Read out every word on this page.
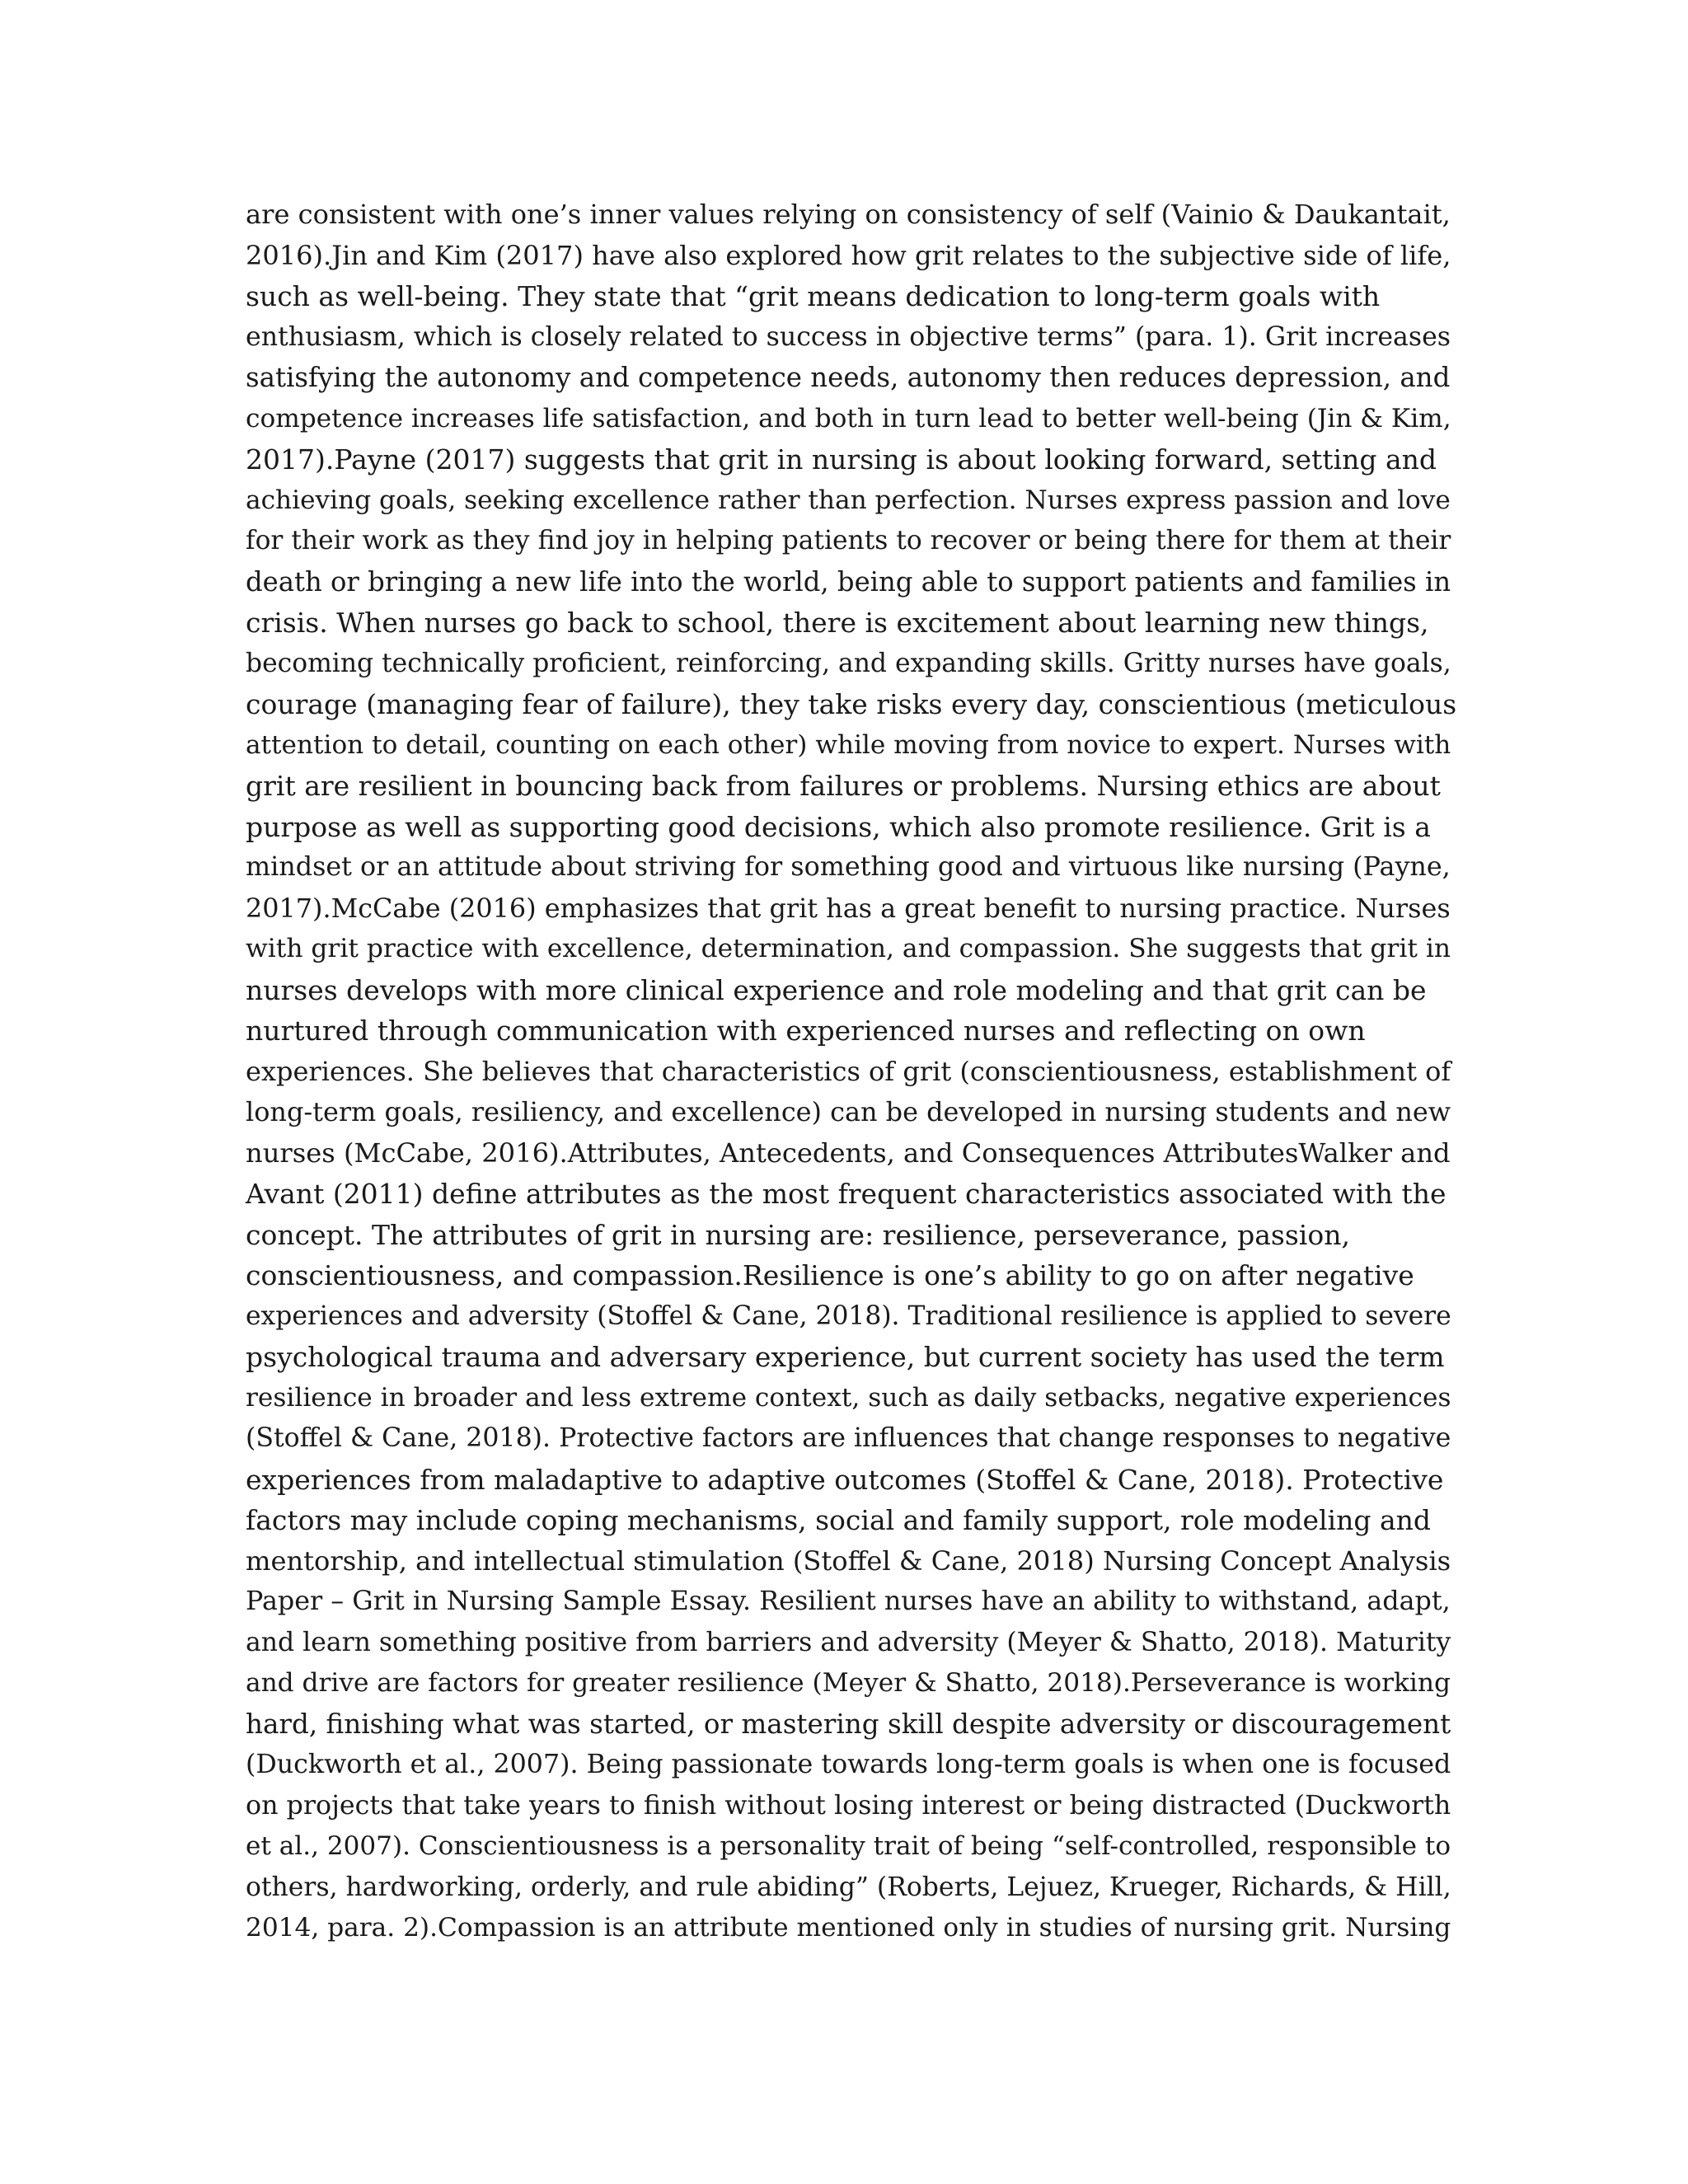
are consistent with one’s inner values relying on consistency of self (Vainio & Daukantait,
2016).Jin and Kim (2017) have also explored how grit relates to the subjective side of life,
such as well-being. They state that “grit means dedication to long-term goals with
enthusiasm, which is closely related to success in objective terms” (para. 1). Grit increases
satisfying the autonomy and competence needs, autonomy then reduces depression, and
competence increases life satisfaction, and both in turn lead to better well-being (Jin & Kim,
2017).Payne (2017) suggests that grit in nursing is about looking forward, setting and
achieving goals, seeking excellence rather than perfection. Nurses express passion and love
for their work as they find joy in helping patients to recover or being there for them at their
death or bringing a new life into the world, being able to support patients and families in
crisis. When nurses go back to school, there is excitement about learning new things,
becoming technically proficient, reinforcing, and expanding skills. Gritty nurses have goals,
courage (managing fear of failure), they take risks every day, conscientious (meticulous
attention to detail, counting on each other) while moving from novice to expert. Nurses with
grit are resilient in bouncing back from failures or problems. Nursing ethics are about
purpose as well as supporting good decisions, which also promote resilience. Grit is a
mindset or an attitude about striving for something good and virtuous like nursing (Payne,
2017).McCabe (2016) emphasizes that grit has a great benefit to nursing practice. Nurses
with grit practice with excellence, determination, and compassion. She suggests that grit in
nurses develops with more clinical experience and role modeling and that grit can be
nurtured through communication with experienced nurses and reflecting on own
experiences. She believes that characteristics of grit (conscientiousness, establishment of
long-term goals, resiliency, and excellence) can be developed in nursing students and new
nurses (McCabe, 2016).Attributes, Antecedents, and Consequences AttributesWalker and
Avant (2011) define attributes as the most frequent characteristics associated with the
concept. The attributes of grit in nursing are: resilience, perseverance, passion,
conscientiousness, and compassion.Resilience is one’s ability to go on after negative
experiences and adversity (Stoffel & Cane, 2018). Traditional resilience is applied to severe
psychological trauma and adversary experience, but current society has used the term
resilience in broader and less extreme context, such as daily setbacks, negative experiences
(Stoffel & Cane, 2018). Protective factors are influences that change responses to negative
experiences from maladaptive to adaptive outcomes (Stoffel & Cane, 2018). Protective
factors may include coping mechanisms, social and family support, role modeling and
mentorship, and intellectual stimulation (Stoffel & Cane, 2018) Nursing Concept Analysis
Paper – Grit in Nursing Sample Essay. Resilient nurses have an ability to withstand, adapt,
and learn something positive from barriers and adversity (Meyer & Shatto, 2018). Maturity
and drive are factors for greater resilience (Meyer & Shatto, 2018).Perseverance is working
hard, finishing what was started, or mastering skill despite adversity or discouragement
(Duckworth et al., 2007). Being passionate towards long-term goals is when one is focused
on projects that take years to finish without losing interest or being distracted (Duckworth
et al., 2007). Conscientiousness is a personality trait of being “self-controlled, responsible to
others, hardworking, orderly, and rule abiding” (Roberts, Lejuez, Krueger, Richards, & Hill,
2014, para. 2).Compassion is an attribute mentioned only in studies of nursing grit. Nursing
